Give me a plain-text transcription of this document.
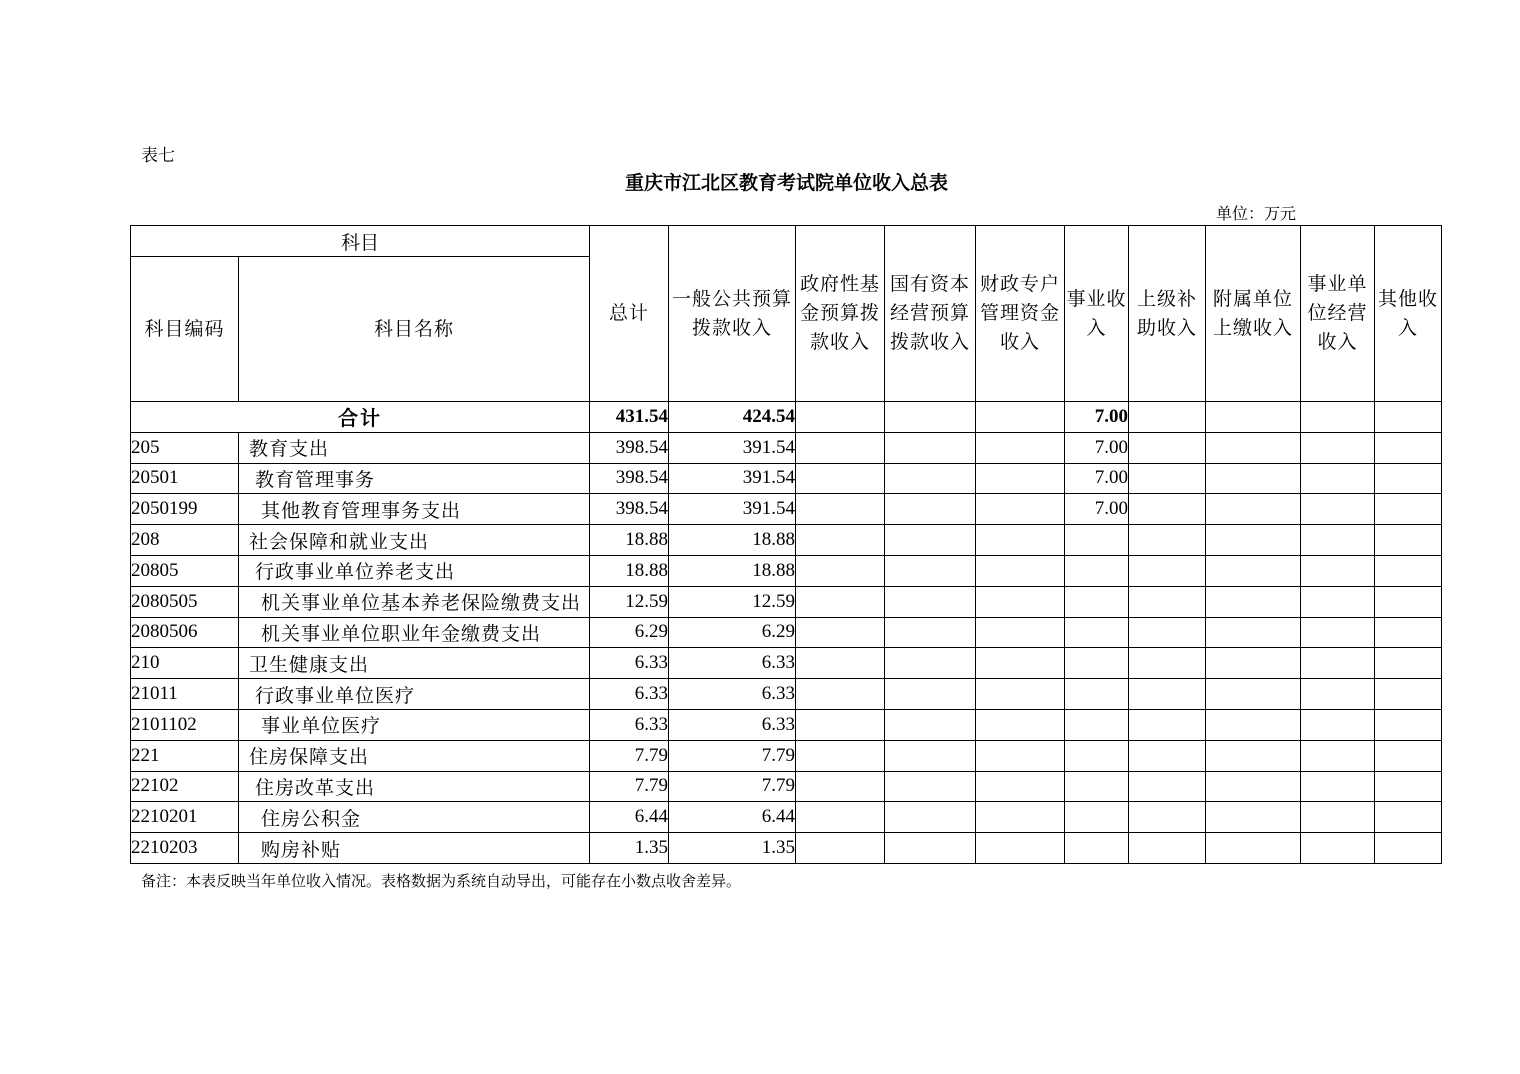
表七
重庆市江北区教育考试院单位收入总表
单位：万元
科目		总计	一般公共预算拨款收入	政府性基金预算拨款收入	国有资本经营预算拨款收入	财政专户管理资金收入	事业收入	上级补助收入	附属单位上缴收入	事业单位经营收入	其他收入
科目编码	科目名称										
合计		431.54	424.54				7.00				
205	教育支出	398.54	391.54				7.00				
20501	教育管理事务	398.54	391.54				7.00				
2050199	其他教育管理事务支出	398.54	391.54				7.00				
208	社会保障和就业支出	18.88	18.88								
20805	行政事业单位养老支出	18.88	18.88								
2080505	机关事业单位基本养老保险缴费支出	12.59	12.59								
2080506	机关事业单位职业年金缴费支出	6.29	6.29								
210	卫生健康支出	6.33	6.33								
21011	行政事业单位医疗	6.33	6.33								
2101102	事业单位医疗	6.33	6.33								
221	住房保障支出	7.79	7.79								
22102	住房改革支出	7.79	7.79								
2210201	住房公积金	6.44	6.44								
2210203	购房补贴	1.35	1.35								
备注：本表反映当年单位收入情况。表格数据为系统自动导出，可能存在小数点收舍差异。
